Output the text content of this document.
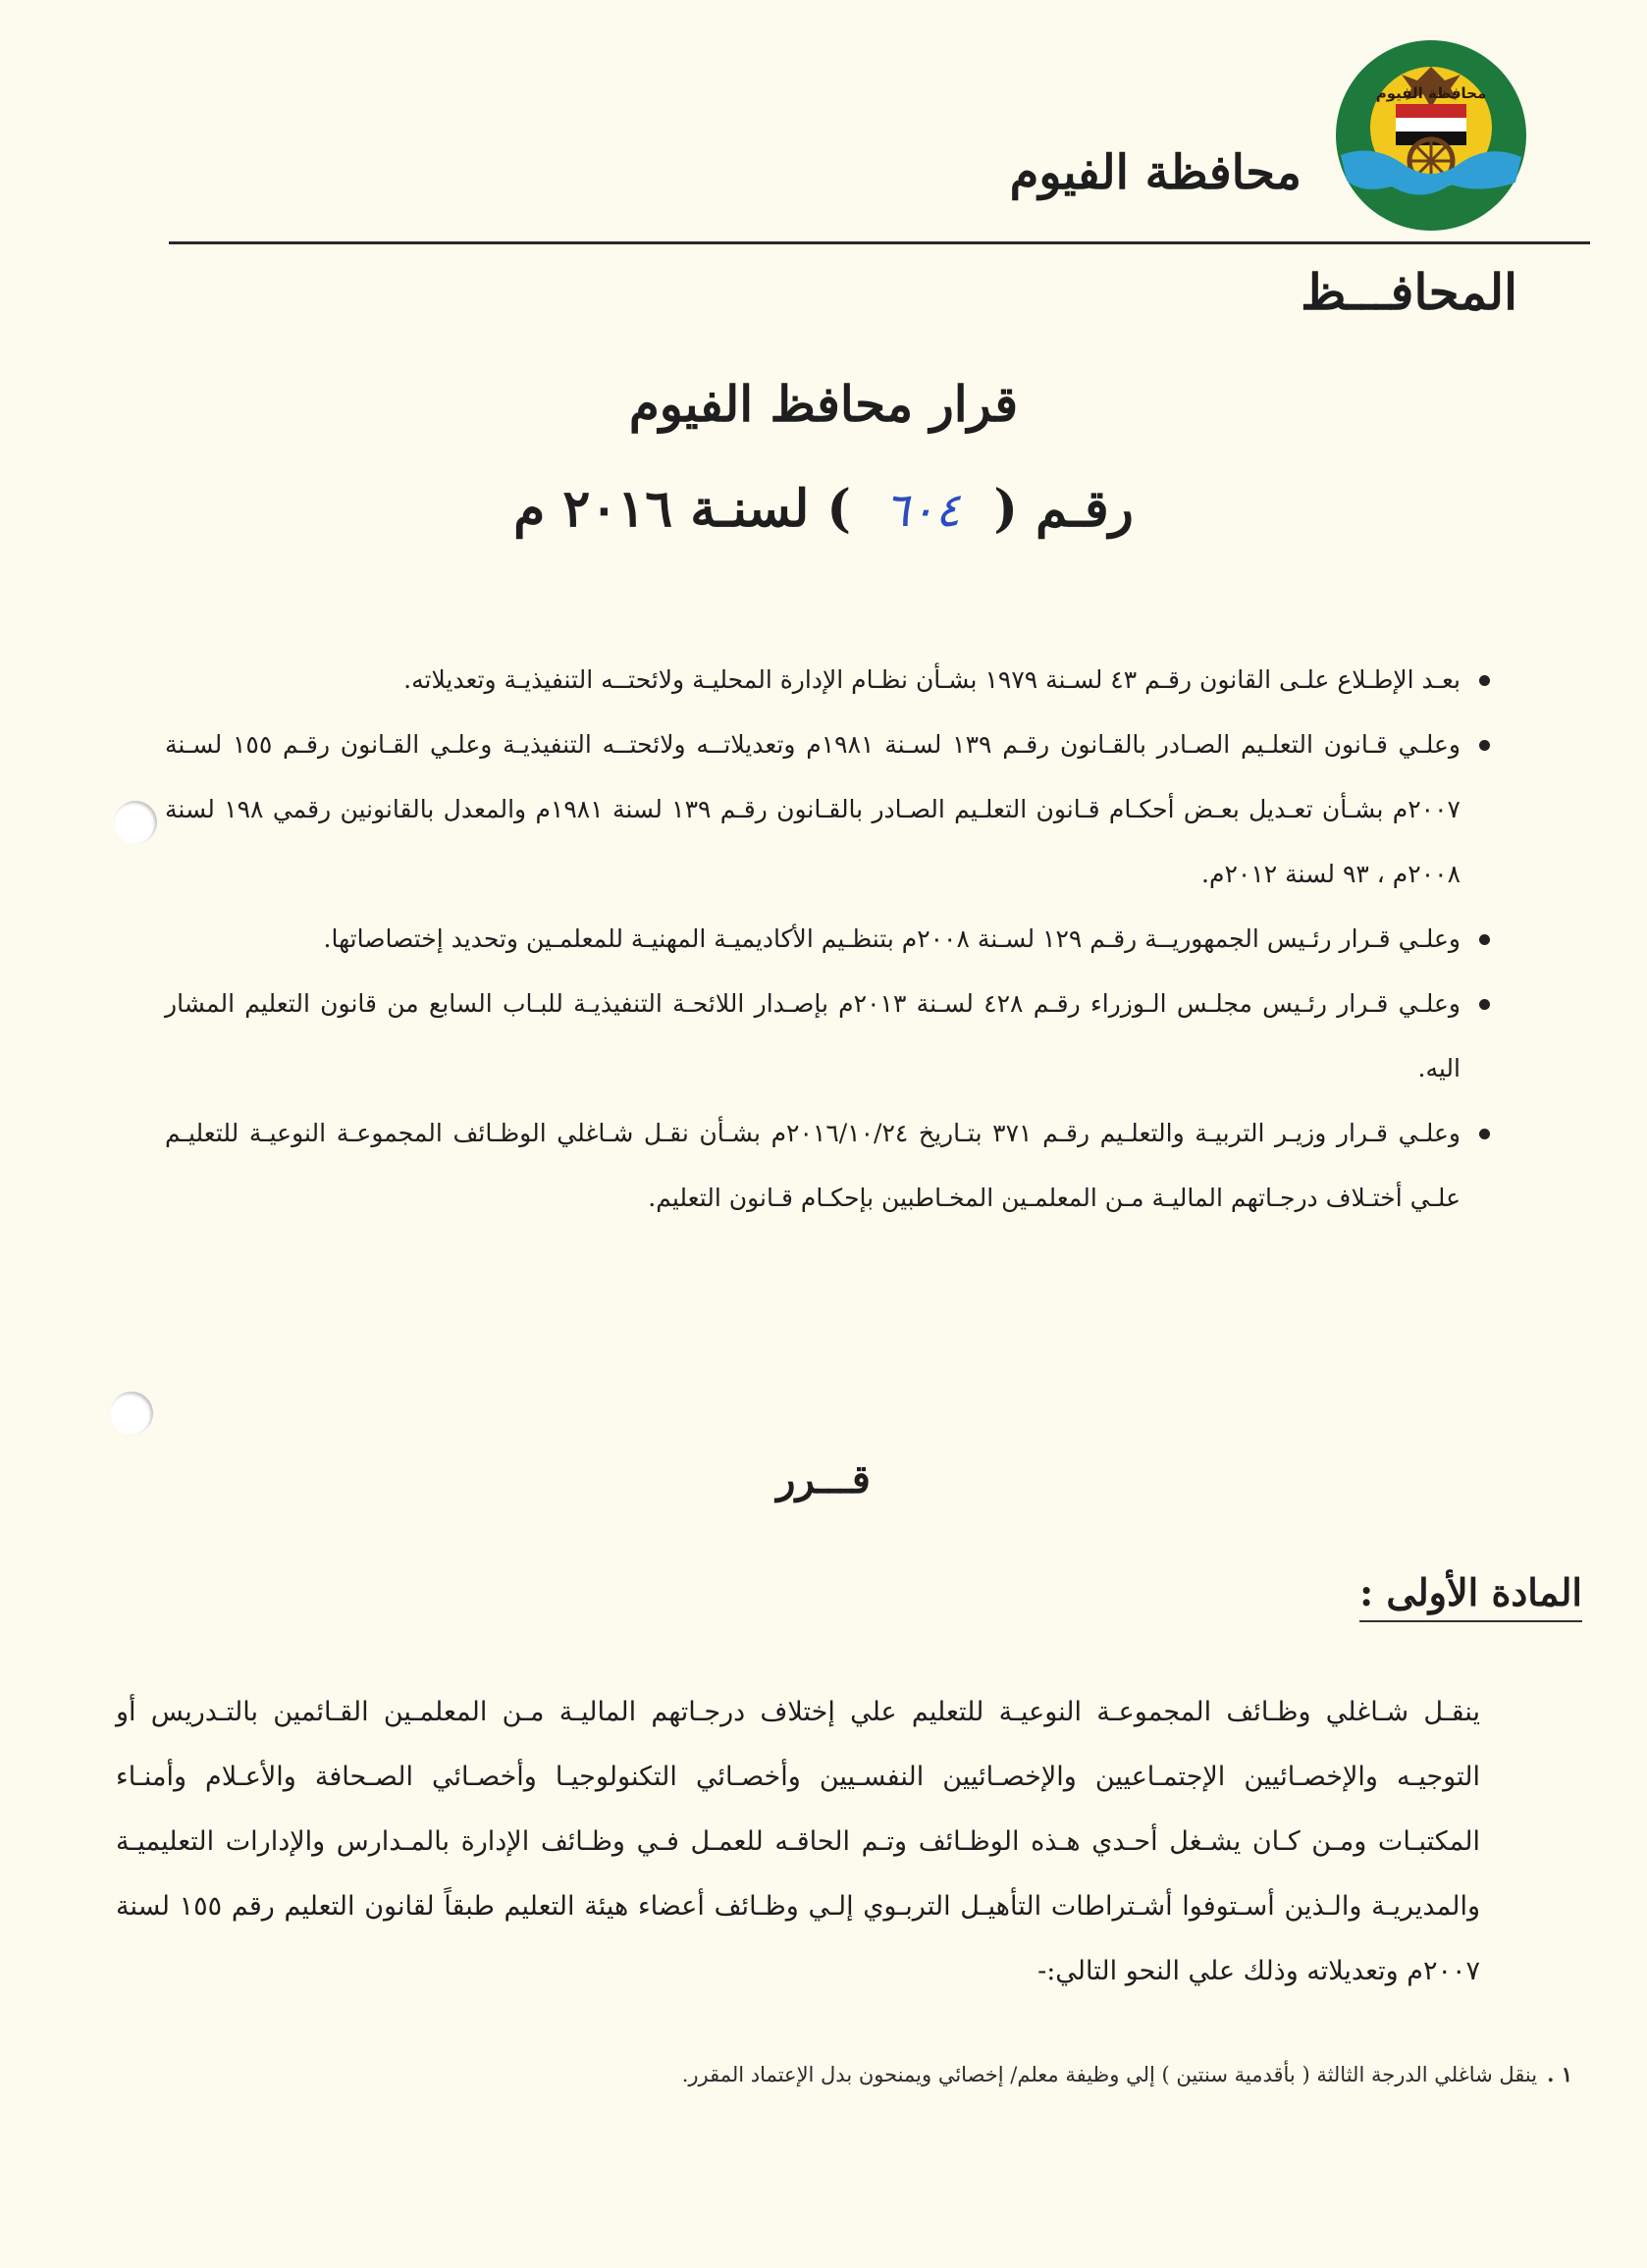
محافظة الفيوم
محافظة الفيوم
المحافـــظ
قرار محافظ الفيوم
رقـم (٦٠٤) لسنـة ٢٠١٦ م
بعـد الإطـلاع علـى القانون رقـم ٤٣ لسـنة ١٩٧٩ بشـأن نظـام الإدارة المحليـة ولائحتــه التنفيذيـة وتعديلاته.
وعلـي قـانون التعلـيم الصـادر بالقـانون رقـم ١٣٩ لسـنة ١٩٨١م وتعديلاتــه ولائحتــه التنفيذيـة وعلـي القـانون رقـم ١٥٥ لسـنة ٢٠٠٧م بشـأن تعـديل بعـض أحكـام قـانون التعلـيم الصـادر بالقـانون رقـم ١٣٩ لسنة ١٩٨١م والمعدل بالقانونين رقمي ١٩٨ لسنة ٢٠٠٨م ، ٩٣ لسنة ٢٠١٢م.
وعلـي قـرار رئـيس الجمهوريــة رقـم ١٢٩ لسـنة ٢٠٠٨م بتنظـيم الأكاديميـة المهنيـة للمعلمـين وتحديد إختصاصاتها.
وعلـي قـرار رئـيس مجلـس الـوزراء رقـم ٤٢٨ لسـنة ٢٠١٣م بإصـدار اللائحـة التنفيذيـة للبـاب السابع من قانون التعليم المشار اليه.
وعلـي قـرار وزيـر التربيـة والتعلـيم رقـم ٣٧١ بتـاريخ ٢٠١٦/١٠/٢٤م بشـأن نقـل شـاغلي الوظـائف المجموعـة النوعيـة للتعليـم علـي أختـلاف درجـاتهم الماليـة مـن المعلمـين المخـاطبين بإحكـام قـانون التعليم.
قـــرر
المادة الأولى :

ينقـل شـاغلي وظـائف المجموعـة النوعيـة للتعليم علي إختلاف درجـاتهم الماليـة مـن المعلمـين القـائمين بالتـدريس أو التوجيـه والإخصـائيين الإجتمـاعيين والإخصـائيين النفسـيين وأخصـائي التكنولوجيـا وأخصـائي الصـحافة والأعـلام وأمنـاء المكتبـات ومـن كـان يشـغل أحـدي هـذه الوظـائف وتـم الحاقـه للعمـل فـي وظـائف الإدارة بالمـدارس والإدارات التعليميـة والمديريـة والـذين أسـتوفوا أشـتراطات التأهيـل التربـوي إلـي وظـائف أعضاء هيئة التعليم طبقاً لقانون التعليم رقم ١٥٥ لسنة ٢٠٠٧م وتعديلاته وذلك علي النحو التالي:-

١ .ينقل شاغلي الدرجة الثالثة ( بأقدمية سنتين ) إلي وظيفة معلم/ إخصائي ويمنحون بدل الإعتماد المقرر.
